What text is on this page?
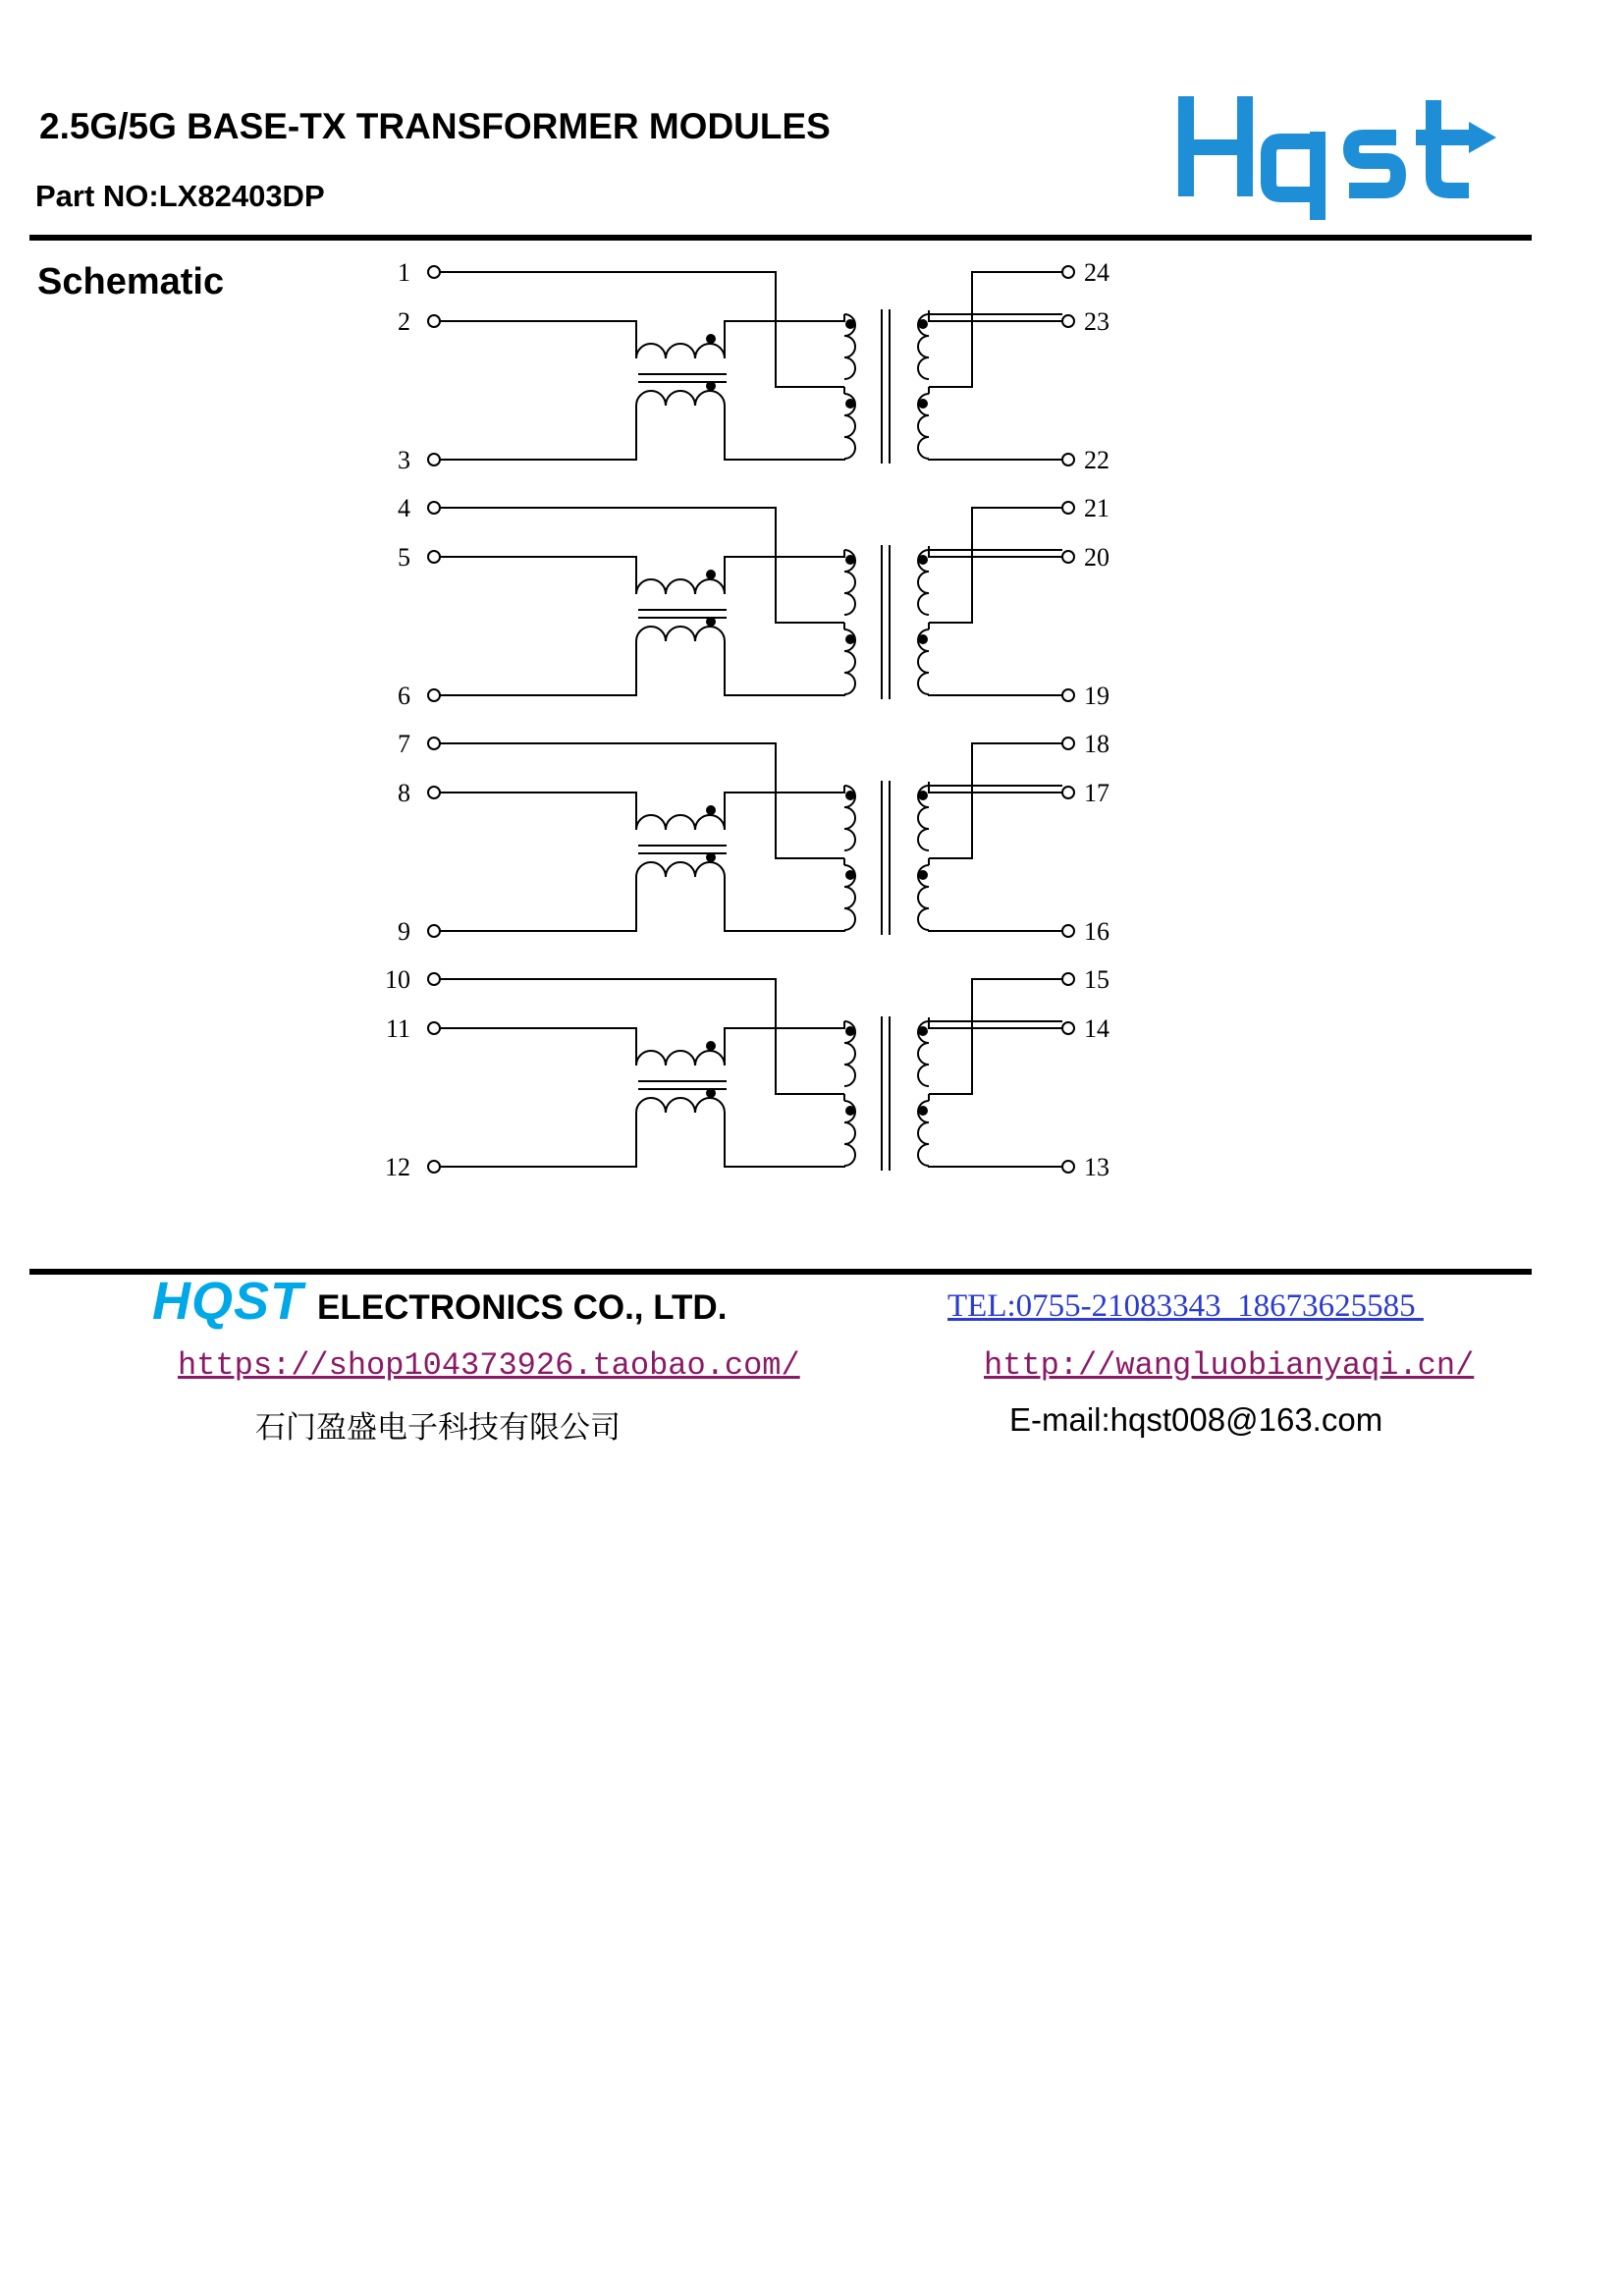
2.5G/5G BASE-TX TRANSFORMER MODULES
Part NO:LX82403DP
Schematic	1
2
3
24
23
22
4
5
6
21
20
19
7
8
9
18
17
16
10
11
12
15
14
13
HQST ELECTRONICS CO., LTD.	TEL:0755-21083343  18673625585
https://shop104373926.taobao.com/	http://wangluobianyaqi.cn/
石门盈盛电子科技有限公司	E-mail:hqst008@163.com
